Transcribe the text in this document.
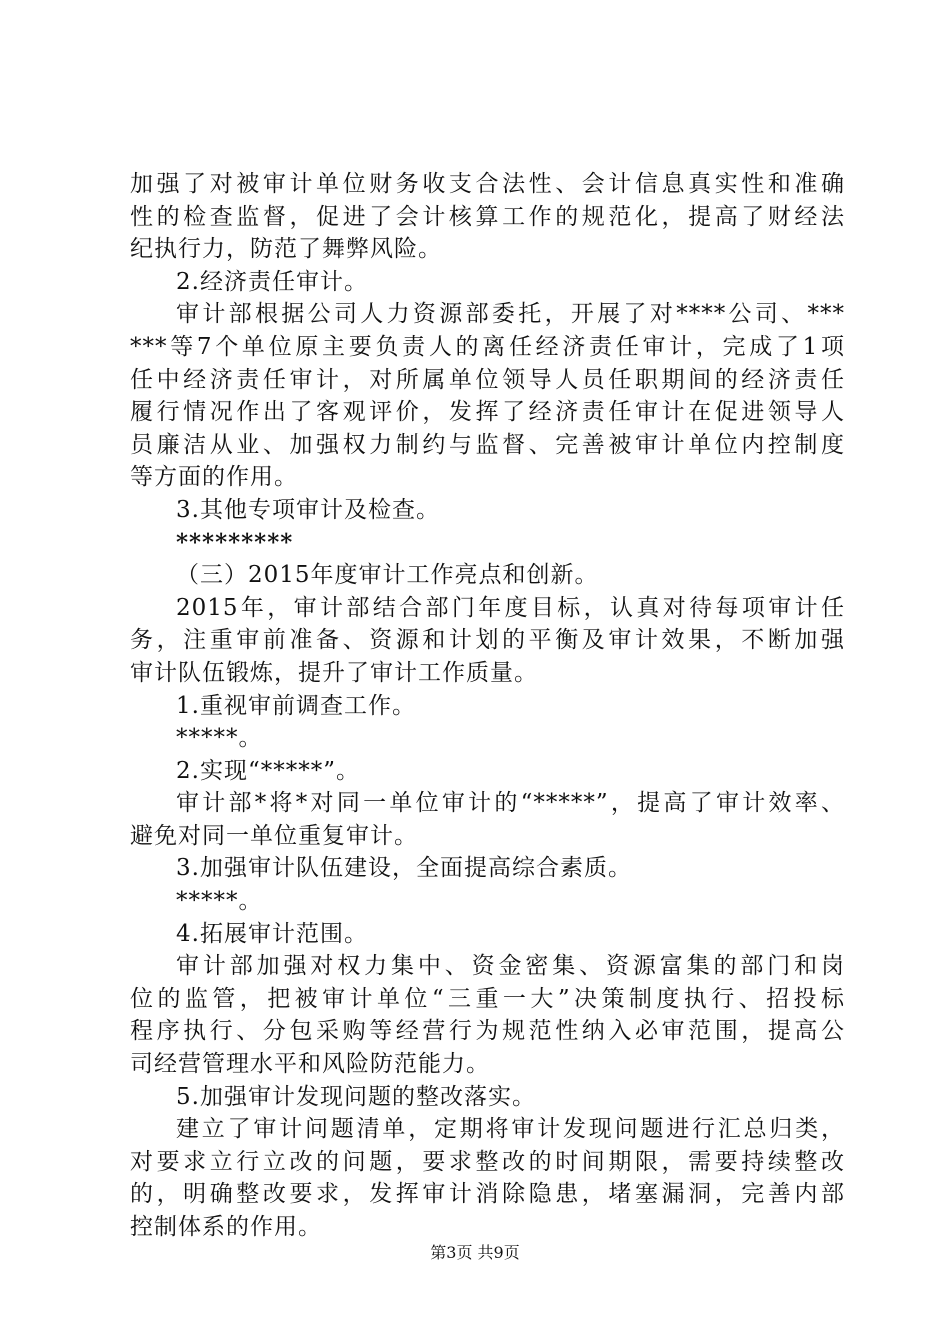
加强了对被审计单位财务收支合法性、会计信息真实性和准确
性的检查监督，促进了会计核算工作的规范化，提高了财经法
纪执行力，防范了舞弊风险。
2.经济责任审计。
审计部根据公司人力资源部委托，开展了对****公司、***
***等7个单位原主要负责人的离任经济责任审计，完成了1项
任中经济责任审计，对所属单位领导人员任职期间的经济责任
履行情况作出了客观评价，发挥了经济责任审计在促进领导人
员廉洁从业、加强权力制约与监督、完善被审计单位内控制度
等方面的作用。
3.其他专项审计及检查。
*********
（三）2015年度审计工作亮点和创新。
2015年，审计部结合部门年度目标，认真对待每项审计任
务，注重审前准备、资源和计划的平衡及审计效果，不断加强
审计队伍锻炼，提升了审计工作质量。
1.重视审前调查工作。
*****。
2.实现“*****”。
审计部*将*对同一单位审计的“*****”，提高了审计效率、
避免对同一单位重复审计。
3.加强审计队伍建设，全面提高综合素质。
*****。
4.拓展审计范围。
审计部加强对权力集中、资金密集、资源富集的部门和岗
位的监管，把被审计单位“三重一大”决策制度执行、招投标
程序执行、分包采购等经营行为规范性纳入必审范围，提高公
司经营管理水平和风险防范能力。
5.加强审计发现问题的整改落实。
建立了审计问题清单，定期将审计发现问题进行汇总归类，
对要求立行立改的问题，要求整改的时间期限，需要持续整改
的，明确整改要求，发挥审计消除隐患，堵塞漏洞，完善内部
控制体系的作用。
第3页 共9页
